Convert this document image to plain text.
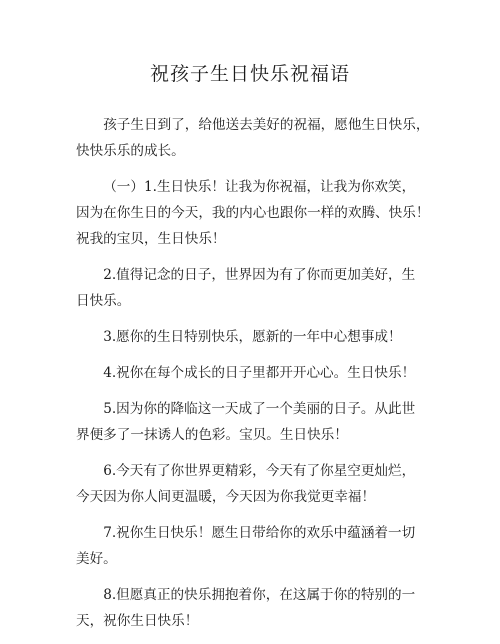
祝孩子生日快乐祝福语

孩子生日到了，给他送去美好的祝福，愿他生日快乐，
快快乐乐的成长。

（一）1.生日快乐！让我为你祝福，让我为你欢笑，
因为在你生日的今天，我的内心也跟你一样的欢腾、快乐！
祝我的宝贝，生日快乐！

2.值得记念的日子，世界因为有了你而更加美好，生
日快乐。

3.愿你的生日特别快乐，愿新的一年中心想事成！

4.祝你在每个成长的日子里都开开心心。生日快乐！

5.因为你的降临这一天成了一个美丽的日子。从此世
界便多了一抹诱人的色彩。宝贝。生日快乐！

6.今天有了你世界更精彩，今天有了你星空更灿烂，
今天因为你人间更温暖，今天因为你我觉更幸福！

7.祝你生日快乐！愿生日带给你的欢乐中蕴涵着一切
美好。

8.但愿真正的快乐拥抱着你，在这属于你的特别的一
天，祝你生日快乐！
